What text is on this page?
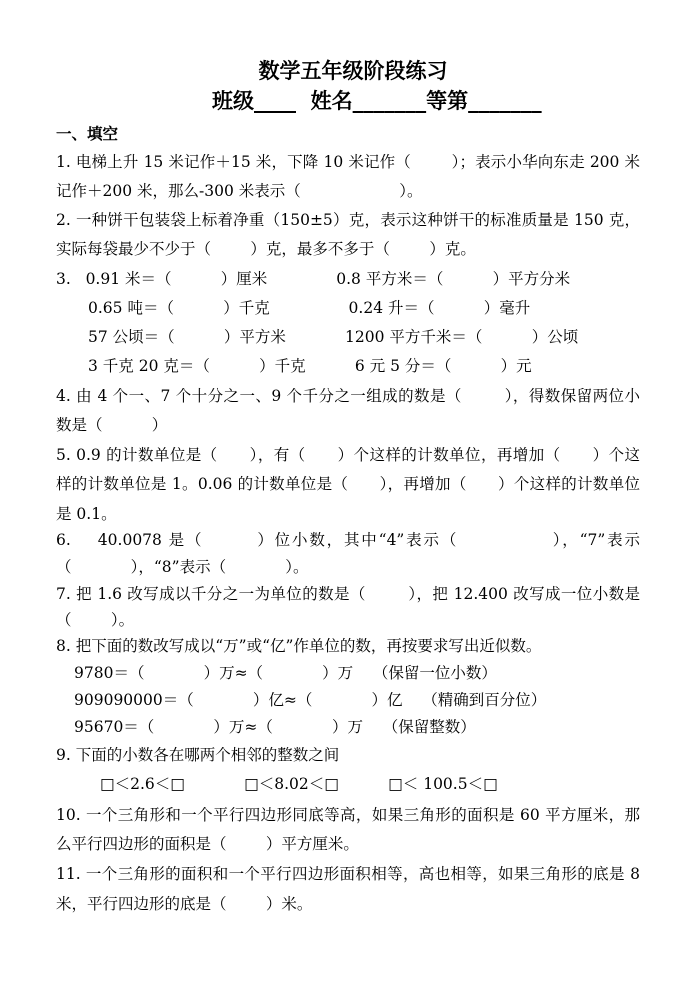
数学五年级阶段练习
班级____  姓名_______等第_______
一、填空
1. 电梯上升 15 米记作＋15 米，下降 10 米记作（        ）；表示小华向东走 200 米
记作＋200 米，那么-300 米表示（                    ）。
2. 一种饼干包装袋上标着净重（150±5）克，表示这种饼干的标准质量是 150 克，
实际每袋最少不少于（        ）克，最多不多于（        ）克。
3.   0.91 米＝（          ）厘米              0.8 平方米＝（          ）平方分米
0.65 吨＝（          ）千克                0.24 升＝（          ）毫升
57 公顷＝（          ）平方米            1200 平方千米＝（          ）公顷
3 千克 20 克＝（          ）千克          6 元 5 分＝（          ）元
4. 由 4 个一、7 个十分之一、9 个千分之一组成的数是（        ），得数保留两位小
数是（          ）
5. 0.9 的计数单位是（      ），有（      ）个这样的计数单位，再增加（      ）个这
样的计数单位是 1。0.06 的计数单位是（      ），再增加（      ）个这样的计数单位
是 0.1。
6.    40.0078 是（        ）位小数，其中“4”表示（              ），“7”表示
（            ），“8”表示（            ）。
7. 把 1.6 改写成以千分之一为单位的数是（        ），把 12.400 改写成一位小数是
（        ）。
8. 把下面的数改写成以“万”或“亿”作单位的数，再按要求写出近似数。
9780＝（            ）万≈（            ）万    （保留一位小数）
909090000＝（            ）亿≈（            ）亿    （精确到百分位）
95670＝（            ）万≈（            ）万    （保留整数）
9. 下面的小数各在哪两个相邻的整数之间
□＜2.6＜□            □＜8.02＜□          □＜ 100.5＜□
10. 一个三角形和一个平行四边形同底等高，如果三角形的面积是 60 平方厘米，那
么平行四边形的面积是（        ）平方厘米。
11. 一个三角形的面积和一个平行四边形面积相等，高也相等，如果三角形的底是 8
米，平行四边形的底是（        ）米。
